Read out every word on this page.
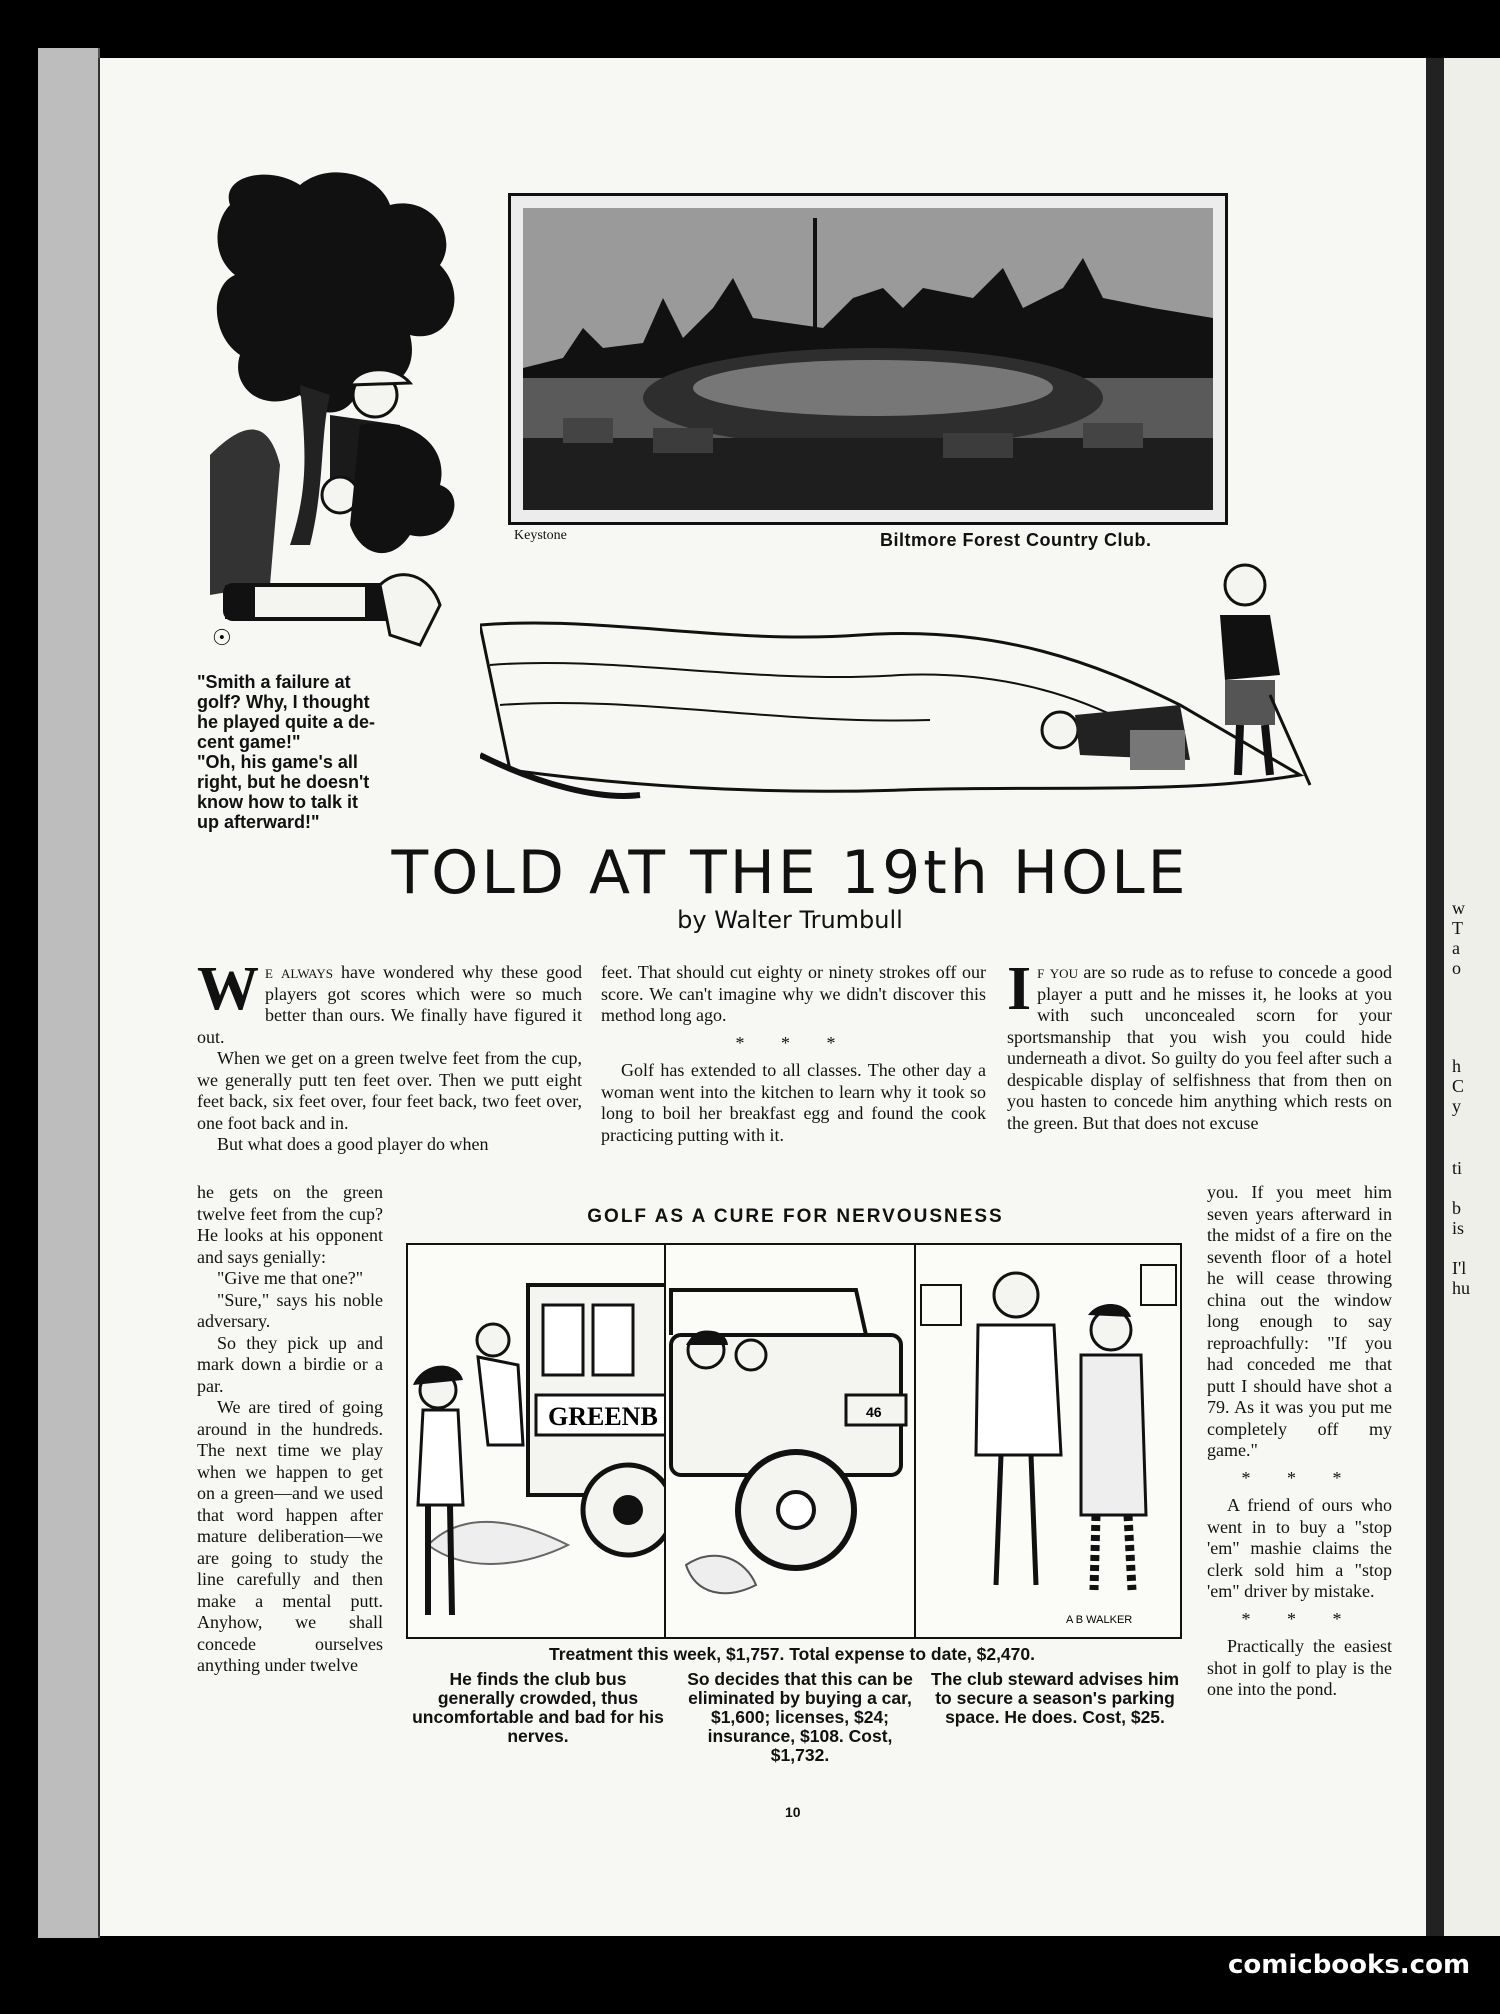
w
T
a
o
h
C
y
ti
b
is
I'l
hu
☉
Keystone	Biltmore Forest Country Club.
"Smith a failure at
golf? Why, I thought
he played quite a de-
cent game!"
"Oh, his game's all
right, but he doesn't
know how to talk it
up afterward!"
TOLD AT THE 19th HOLE
by Walter Trumbull

We always have wondered why these good players got scores which were so much better than ours. We finally have figured it out.

When we get on a green twelve feet from the cup, we generally putt ten feet over. Then we putt eight feet back, six feet over, four feet back, two feet over, one foot back and in.

But what does a good player do when

he gets on the green twelve feet from the cup? He looks at his opponent and says genially:

"Give me that one?"

"Sure," says his noble adversary.

So they pick up and mark down a birdie or a par.

We are tired of going around in the hundreds. The next time we play when we happen to get on a green—and we used that word happen after mature deliberation—we are going to study the line carefully and then make a mental putt. Anyhow, we shall concede ourselves anything under twelve

feet. That should cut eighty or ninety strokes off our score. We can't imagine why we didn't discover this method long ago.

* * *

Golf has extended to all classes. The other day a woman went into the kitchen to learn why it took so long to boil her breakfast egg and found the cook practicing putting with it.

If you are so rude as to refuse to concede a good player a putt and he misses it, he looks at you with such unconcealed scorn for your sportsmanship that you wish you could hide underneath a divot. So guilty do you feel after such a despicable display of selfishness that from then on you hasten to concede him anything which rests on the green. But that does not excuse

you. If you meet him seven years afterward in the midst of a fire on the seventh floor of a hotel he will cease throwing china out the window long enough to say reproachfully: "If you had conceded me that putt I should have shot a 79. As it was you put me completely off my game."

* * *

A friend of ours who went in to buy a "stop 'em" mashie claims the clerk sold him a "stop 'em" driver by mistake.

* * *

Practically the easiest shot in golf to play is the one into the pond.

GOLF AS A CURE FOR NERVOUSNESS
GREENB	46
A B WALKER
Treatment this week, $1,757. Total expense to date, $2,470.
He finds the club bus generally crowded, thus uncomfortable and bad for his nerves.
So decides that this can be eliminated by buying a car, $1,600; licenses, $24; insurance, $108. Cost, $1,732.
The club steward advises him to secure a season's parking space. He does. Cost, $25.
10
comicbooks.com
